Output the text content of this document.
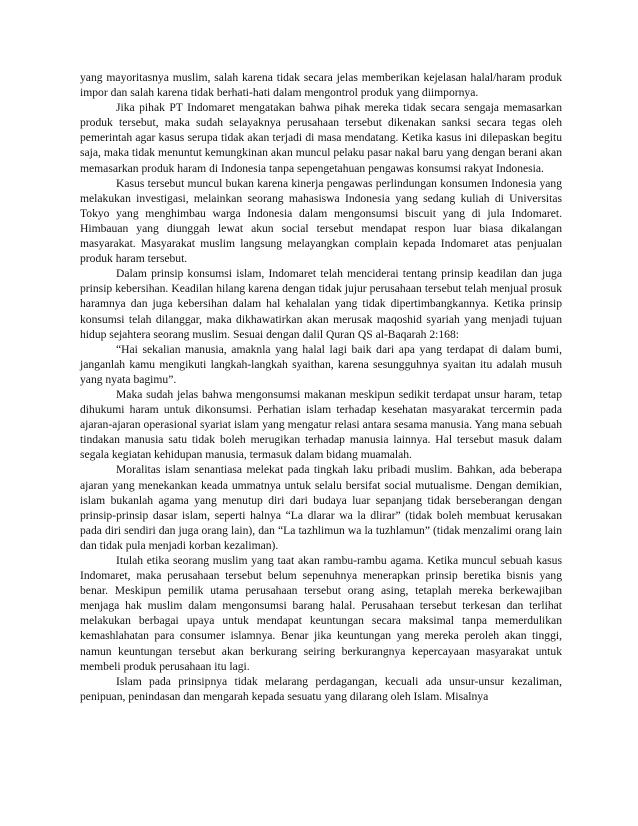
yang mayoritasnya muslim, salah karena tidak secara jelas memberikan kejelasan halal/haram produk impor dan salah karena tidak berhati-hati dalam mengontrol produk yang diimpornya.

Jika pihak PT Indomaret mengatakan bahwa pihak mereka tidak secara sengaja memasarkan produk tersebut, maka sudah selayaknya perusahaan tersebut dikenakan sanksi secara tegas oleh pemerintah agar kasus serupa tidak akan terjadi di masa mendatang. Ketika kasus ini dilepaskan begitu saja, maka tidak menuntut kemungkinan akan muncul pelaku pasar nakal baru yang dengan berani akan memasarkan produk haram di Indonesia tanpa sepengetahuan pengawas konsumsi rakyat Indonesia.

Kasus tersebut muncul bukan karena kinerja pengawas perlindungan konsumen Indonesia yang melakukan investigasi, melainkan seorang mahasiswa Indonesia yang sedang kuliah di Universitas Tokyo yang menghimbau warga Indonesia dalam mengonsumsi biscuit yang di jula Indomaret. Himbauan yang diunggah lewat akun social tersebut mendapat respon luar biasa dikalangan masyarakat. Masyarakat muslim langsung melayangkan complain kepada Indomaret atas penjualan produk haram tersebut.

Dalam prinsip konsumsi islam, Indomaret telah menciderai tentang prinsip keadilan dan juga prinsip kebersihan. Keadilan hilang karena dengan tidak jujur perusahaan tersebut telah menjual prosuk haramnya dan juga kebersihan dalam hal kehalalan yang tidak dipertimbangkannya. Ketika prinsip konsumsi telah dilanggar, maka dikhawatirkan akan merusak maqoshid syariah yang menjadi tujuan hidup sejahtera seorang muslim. Sesuai dengan dalil Quran QS al-Baqarah 2:168:

“Hai sekalian manusia, amaknla yang halal lagi baik dari apa yang terdapat di dalam bumi, janganlah kamu mengikuti langkah-langkah syaithan, karena sesungguhnya syaitan itu adalah musuh yang nyata bagimu”.

Maka sudah jelas bahwa mengonsumsi makanan meskipun sedikit terdapat unsur haram, tetap dihukumi haram untuk dikonsumsi. Perhatian islam terhadap kesehatan masyarakat tercermin pada ajaran-ajaran operasional syariat islam yang mengatur relasi antara sesama manusia. Yang mana sebuah tindakan manusia satu tidak boleh merugikan terhadap manusia lainnya. Hal tersebut masuk dalam segala kegiatan kehidupan manusia, termasuk dalam bidang muamalah.

Moralitas islam senantiasa melekat pada tingkah laku pribadi muslim. Bahkan, ada beberapa ajaran yang menekankan keada ummatnya untuk selalu bersifat social mutualisme. Dengan demikian, islam bukanlah agama yang menutup diri dari budaya luar sepanjang tidak berseberangan dengan prinsip-prinsip dasar islam, seperti halnya “La dlarar wa la dlirar” (tidak boleh membuat kerusakan pada diri sendiri dan juga orang lain), dan “La tazhlimun wa la tuzhlamun” (tidak menzalimi orang lain dan tidak pula menjadi korban kezaliman).

Itulah etika seorang muslim yang taat akan rambu-rambu agama. Ketika muncul sebuah kasus Indomaret, maka perusahaan tersebut belum sepenuhnya menerapkan prinsip beretika bisnis yang benar. Meskipun pemilik utama perusahaan tersebut orang asing, tetaplah mereka berkewajiban menjaga hak muslim dalam mengonsumsi barang halal. Perusahaan tersebut terkesan dan terlihat melakukan berbagai upaya untuk mendapat keuntungan secara maksimal tanpa memerdulikan kemashlahatan para consumer islamnya. Benar jika keuntungan yang mereka peroleh akan tinggi, namun keuntungan tersebut akan berkurang seiring berkurangnya kepercayaan masyarakat untuk membeli produk perusahaan itu lagi.

Islam pada prinsipnya tidak melarang perdagangan, kecuali ada unsur-unsur kezaliman, penipuan, penindasan dan mengarah kepada sesuatu yang dilarang oleh Islam. Misalnya
